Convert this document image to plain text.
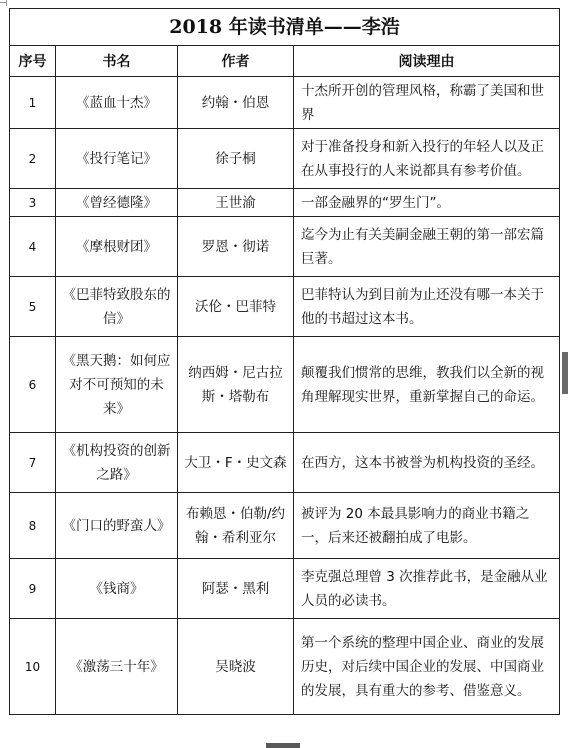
2018 年读书清单——李浩			
序号	书名	作者	阅读理由
1	《蓝血十杰》	约翰・伯恩	十杰所开创的管理风格，称霸了美国和世界
2	《投行笔记》	徐子桐	对于准备投身和新入投行的年轻人以及正在从事投行的人来说都具有参考价值。
3	《曾经德隆》	王世渝	一部金融界的“罗生门”。
4	《摩根财团》	罗恩・彻诺	迄今为止有关美嗣金融王朝的第一部宏篇巨著。
5	《巴菲特致股东的信》	沃伦・巴菲特	巴菲特认为到目前为止还没有哪一本关于他的书超过这本书。
6	《黑天鹅：如何应对不可预知的未来》	纳西姆・尼古拉斯・塔勒布	颠覆我们惯常的思维，教我们以全新的视角理解现实世界，重新掌握自己的命运。
7	《机构投资的创新之路》	大卫・F・史文森	在西方，这本书被誉为机构投资的圣经。
8	《门口的野蛮人》	布赖恩・伯勒/约翰・希利亚尔	被评为 20 本最具影响力的商业书籍之一，后来还被翻拍成了电影。
9	《钱商》	阿瑟・黑利	李克强总理曾 3 次推荐此书，是金融从业人员的必读书。
10	《激荡三十年》	吴晓波	第一个系统的整理中国企业、商业的发展历史，对后续中国企业的发展、中国商业的发展，具有重大的参考、借鉴意义。
